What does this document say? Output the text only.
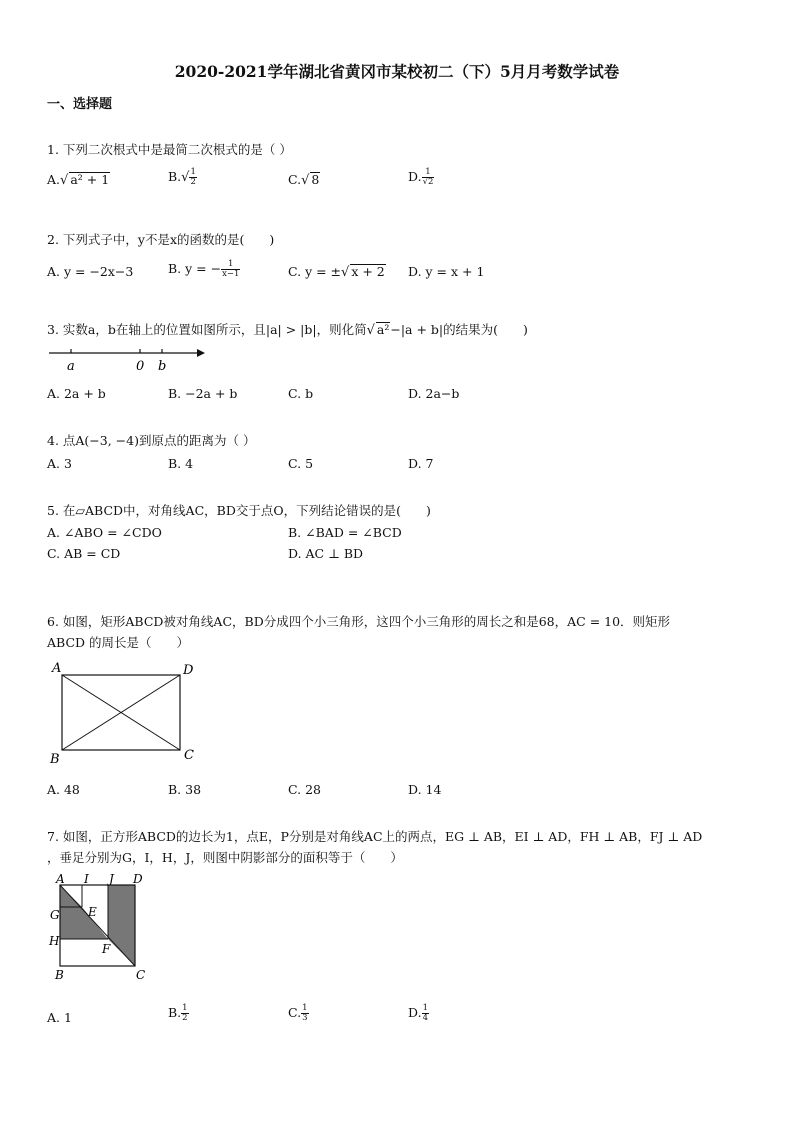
2020-2021学年湖北省黄冈市某校初二（下）5月月考数学试卷
一、选择题
1. 下列二次根式中是最简二次根式的是（ ）
A.√ a² + 1	$B.√ \frac{1}{2}$	C.√ 8	D. $\frac{1}{√2}$
2. 下列式子中，y不是x的函数的是(　　)
A. y = −2x−3	B. y = − $\frac{1}{x-1}$	C. y = ±√ x + 2 D. y = x + 1
3. 实数a，b在轴上的位置如图所示，且|a| > |b|，则化简√ a²−|a + b|的结果为(　　)
a	0 b
A. 2a + b	B. −2a + b	C. b	D. 2a−b
4. 点A(−3, −4)到原点的距离为（ ）
A. 3	B. 4	C. 5	D. 7
5. 在▱ABCD中，对角线AC，BD交于点O，下列结论错误的是(　　)
A. ∠ABO = ∠CDO	B. ∠BAD = ∠BCD
C. AB = CD	D. AC ⊥ BD
6. 如图，矩形ABCD被对角线AC，BD分成四个小三角形，这四个小三角形的周长之和是68，AC = 10．则矩形
ABCD 的周长是（　　）
A	D
B	C
A. 48	B. 38	C. 28	D. 14
7. 如图，正方形ABCD的边长为1，点E，P分别是对角线AC上的两点，EG ⊥ AB，EI ⊥ AD，FH ⊥ AB，FJ ⊥ AD
，垂足分别为G，I，H，J，则图中阴影部分的面积等于（　　）
A I J D
G E
H
F
B	C
A. 1	B. $\frac{1}{2}$	C. $\frac{1}{3}$	D. $\frac{1}{4}$
